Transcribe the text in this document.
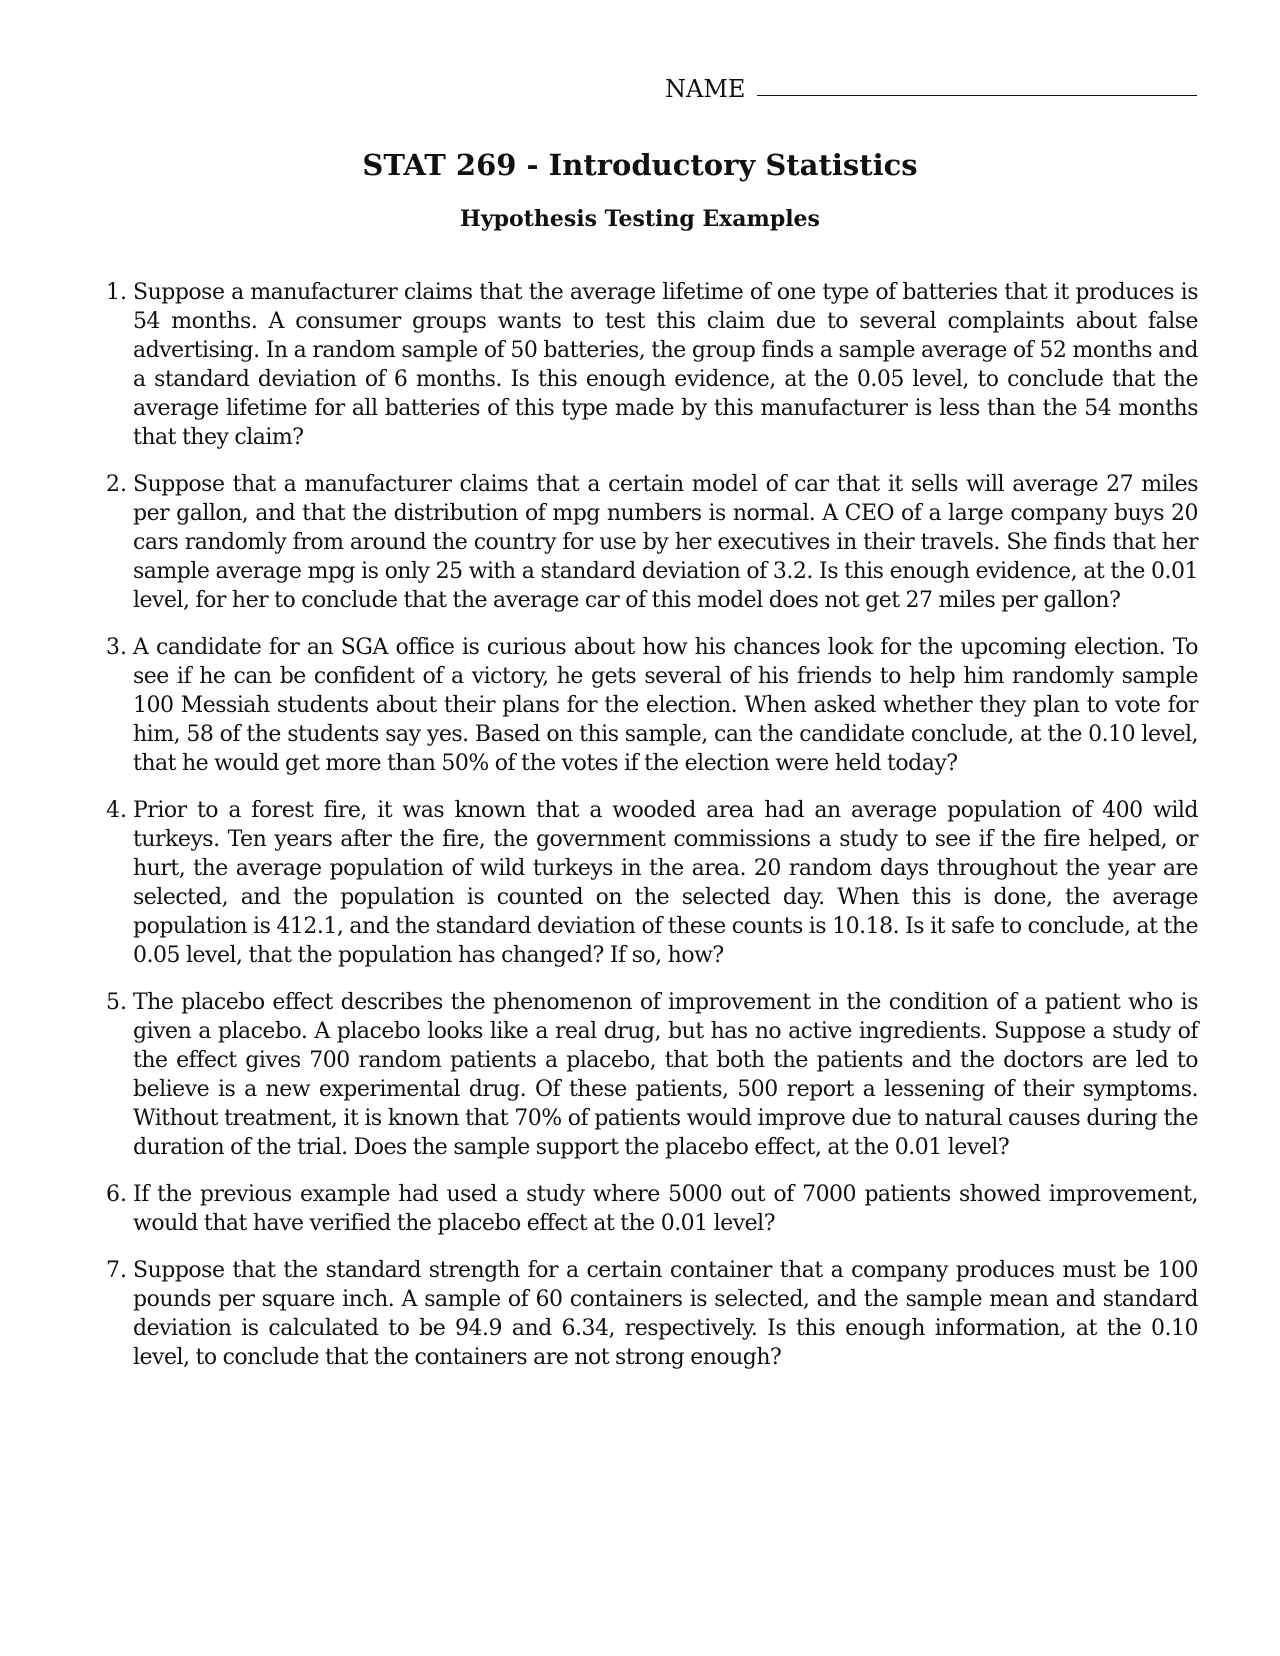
NAME
STAT 269 - Introductory Statistics
Hypothesis Testing Examples
1. Suppose a manufacturer claims that the average lifetime of one type of batteries that it produces is 54 months. A consumer groups wants to test this claim due to several complaints about false advertising. In a random sample of 50 batteries, the group finds a sample average of 52 months and a standard deviation of 6 months. Is this enough evidence, at the 0.05 level, to conclude that the average lifetime for all batteries of this type made by this manufacturer is less than the 54 months that they claim?
2. Suppose that a manufacturer claims that a certain model of car that it sells will average 27 miles per gallon, and that the distribution of mpg numbers is normal. A CEO of a large company buys 20 cars randomly from around the country for use by her executives in their travels. She finds that her sample average mpg is only 25 with a standard deviation of 3.2. Is this enough evidence, at the 0.01 level, for her to conclude that the average car of this model does not get 27 miles per gallon?
3. A candidate for an SGA office is curious about how his chances look for the upcoming election. To see if he can be confident of a victory, he gets several of his friends to help him randomly sample 100 Messiah students about their plans for the election. When asked whether they plan to vote for him, 58 of the students say yes. Based on this sample, can the candidate conclude, at the 0.10 level, that he would get more than 50% of the votes if the election were held today?
4. Prior to a forest fire, it was known that a wooded area had an average population of 400 wild turkeys. Ten years after the fire, the government commissions a study to see if the fire helped, or hurt, the average population of wild turkeys in the area. 20 random days throughout the year are selected, and the population is counted on the selected day. When this is done, the average population is 412.1, and the standard deviation of these counts is 10.18. Is it safe to conclude, at the 0.05 level, that the population has changed? If so, how?
5. The placebo effect describes the phenomenon of improvement in the condition of a patient who is given a placebo. A placebo looks like a real drug, but has no active ingredients. Suppose a study of the effect gives 700 random patients a placebo, that both the patients and the doctors are led to believe is a new experimental drug. Of these patients, 500 report a lessening of their symptoms. Without treatment, it is known that 70% of patients would improve due to natural causes during the duration of the trial. Does the sample support the placebo effect, at the 0.01 level?
6. If the previous example had used a study where 5000 out of 7000 patients showed improvement, would that have verified the placebo effect at the 0.01 level?
7. Suppose that the standard strength for a certain container that a company produces must be 100 pounds per square inch. A sample of 60 containers is selected, and the sample mean and standard deviation is calculated to be 94.9 and 6.34, respectively. Is this enough information, at the 0.10 level, to conclude that the containers are not strong enough?
